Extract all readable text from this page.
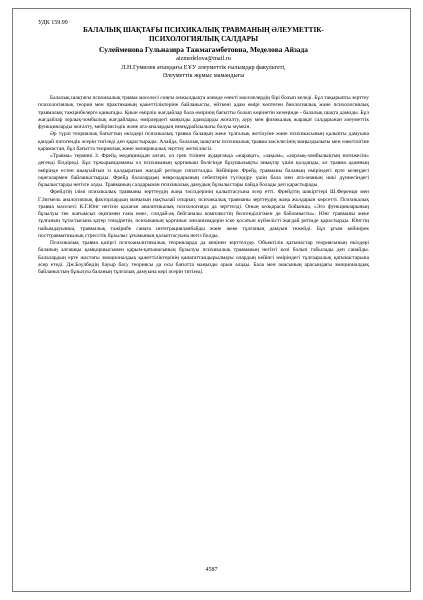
УДК 159.99
БАЛАЛЫҚ ШАҚТАҒЫ ПСИХИКАЛЫҚ ТРАВМАНЫҢ ӘЛЕУМЕТТІК-
ПСИХОЛОГИЯЛЫҚ САЛДАРЫ
Сулейменова Гульназира Тажмагамбетовна, Меделова Айзада
aizmedelova@mail.ru
Л.Н.Гумилев атындағы ЕҰУ әлеуметтік ғылымдар факультеті,
Әлеуметтік жұмыс мамандығы

Балалық шақтағы психикалық травма мәселесі соңғы онжылдықта әлемде өзекті мәселелердің бірі болып келеді. Бұл тақырыпты зерттеу психологиялық теория мен практиканың қажеттіліктеріне байланысты, өйткені адам өмірі көптеген биологиялық және психологиялық травмалық тәжірибелерге қанығады. Қиын өмірлік жағдайлар бала өмірінің бағытты болып көрінетін кезеңінде - балалық шақта дамиды. Бұл жағдайлар зорлық-зомбылық жағдайлары, өмірлердегі маңызды адамдарды жоғалту, ауру мен физикалық жарақат салдарынан әлеуметтік функцияларды жоғалту, мейірімсіздік және ата-аналардың немқұрайлылығы болуы мүмкін.

Әр түрлі теориялық бағыттың өкілдері психикалық травма балаңың жеке тұлғалық жетілуіне және психикасының қалыпты дамуына қандай патогендік әсерін тигізеді деп қарастырады. Алайда, балалық шақтағы психикалық травма мәселесінің маңыздылығы мен өзектілігіне қарамастан, бұл бағытта теориялық және эмпирикалық зерттеу жеткіліксіз.

«Травма» термині З. Фрейд медицинадан алған, ол грек тілінен аударғанда «жарақат», «зақым», «зорлық-зомбылықтың нәтижесін» дегенді білдіреді. Бұл тұжырымдаманы ол психиканың қорғаныш бөлігінде бұзушылықты анықтау үшін қолданды, ал травма адамның өмірінде естен шықпайтын із қалдыратын жағдай ретінде сипатталды. Кейінірек Фрейд травманы баланың өміріндегі ерте кезеңдегі оқиғалармен байланыстырды. Фрейд балалардың невроздарының себептерін түсіндіру үшін бала мен ата-ананың ішкі дүниесіндегі бұзылыстарды негізге алды. Травманың салдарынан психикалық дамудың бұзылыстары пайда болады деп қарастырады.

Фрейдтің ілімі психикалық травманы зерттеудің жаңа тәсілдерінің қалыптасуына әсер етті. Фрейдтің шәкірттері Ш.Ференци мен Г.Зигмель аналогиялық факторлардың маңызын нақтылай отырып, психикалық травманы зерттеудің жаңа жолдарын көрсетті. Психикалық травма мәселесі К.Г.Юнг негізін қалаған аналитикалық психологияда да зерттелді. Оның көзқарасы бойынша, «Эго функцияларының бұзылуы тек жағымсыз оқиғамен ғана емес, сондай-ақ бейсаналы комплекстің белсенділігімен де байланысты». Юнг травманы жеке тұлғаның тұтастығына қатер төндіретін, психиканың қорғаныс механизмдерін іске қосатын күйзелісті жағдай ретінде қарастырды. Юнгтің пайымдауынша, травмалық тәжірибе санаға интеграцияланбайды және жеке тұлғаның дамуын тежейді. Бұл ұғым кейінірек посттравматикалық стресстік бұзылыс ұғымының қалыптасуына негіз болды.

Психикалық травма қазіргі психоаналитикалық теорияларда да кеңінен зерттелуде. Объектілік қатынастар теориясының өкілдері баланың алғашқы қамқоршысымен қарым-қатынасының бұзылуы психикалық травманың негізгі көзі болып табылады деп санайды. Балалардың ерте жастағы эмоционалдық қажеттіліктерінің қанағаттандырылмауы олардың кейінгі өміріндегі тұлғааралық қатынастарына әсер етеді. Дж.Боулбидің бауыр басу теориясы да осы бағытта маңызды орын алады. Бала мен анасының арасындағы эмоционалдық байланыстың бұзылуы баланың тұлғалық дамуына кері әсерін тигізеді.

4587
